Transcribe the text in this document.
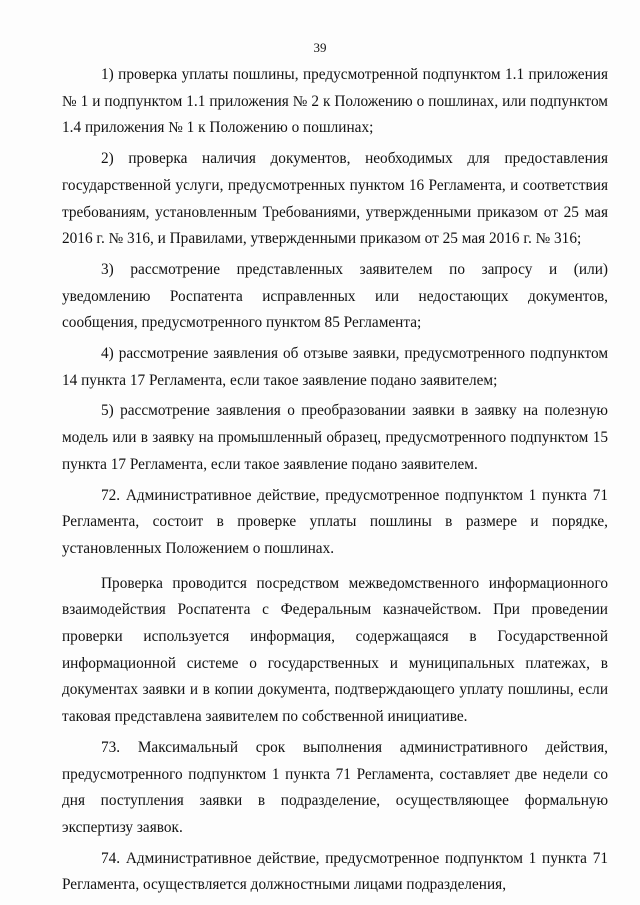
39

1) проверка уплаты пошлины, предусмотренной подпунктом 1.1 приложения № 1 и подпунктом 1.1 приложения № 2 к Положению о пошлинах, или подпунктом 1.4 приложения № 1 к Положению о пошлинах;

2) проверка наличия документов, необходимых для предоставления государственной услуги, предусмотренных пунктом 16 Регламента, и соответствия требованиям, установленным Требованиями, утвержденными приказом от 25 мая 2016 г. № 316, и Правилами, утвержденными приказом от 25 мая 2016 г. № 316;

3) рассмотрение представленных заявителем по запросу и (или) уведомлению Роспатента исправленных или недостающих документов, сообщения, предусмотренного пунктом 85 Регламента;

4) рассмотрение заявления об отзыве заявки, предусмотренного подпунктом 14 пункта 17 Регламента, если такое заявление подано заявителем;

5) рассмотрение заявления о преобразовании заявки в заявку на полезную модель или в заявку на промышленный образец, предусмотренного подпунктом 15 пункта 17 Регламента, если такое заявление подано заявителем.

72. Административное действие, предусмотренное подпунктом 1 пункта 71 Регламента, состоит в проверке уплаты пошлины в размере и порядке, установленных Положением о пошлинах.

Проверка проводится посредством межведомственного информационного взаимодействия Роспатента с Федеральным казначейством. При проведении проверки используется информация, содержащаяся в Государственной информационной системе о государственных и муниципальных платежах, в документах заявки и в копии документа, подтверждающего уплату пошлины, если таковая представлена заявителем по собственной инициативе.

73. Максимальный срок выполнения административного действия, предусмотренного подпунктом 1 пункта 71 Регламента, составляет две недели со дня поступления заявки в подразделение, осуществляющее формальную экспертизу заявок.

74. Административное действие, предусмотренное подпунктом 1 пункта 71 Регламента, осуществляется должностными лицами подразделения,
